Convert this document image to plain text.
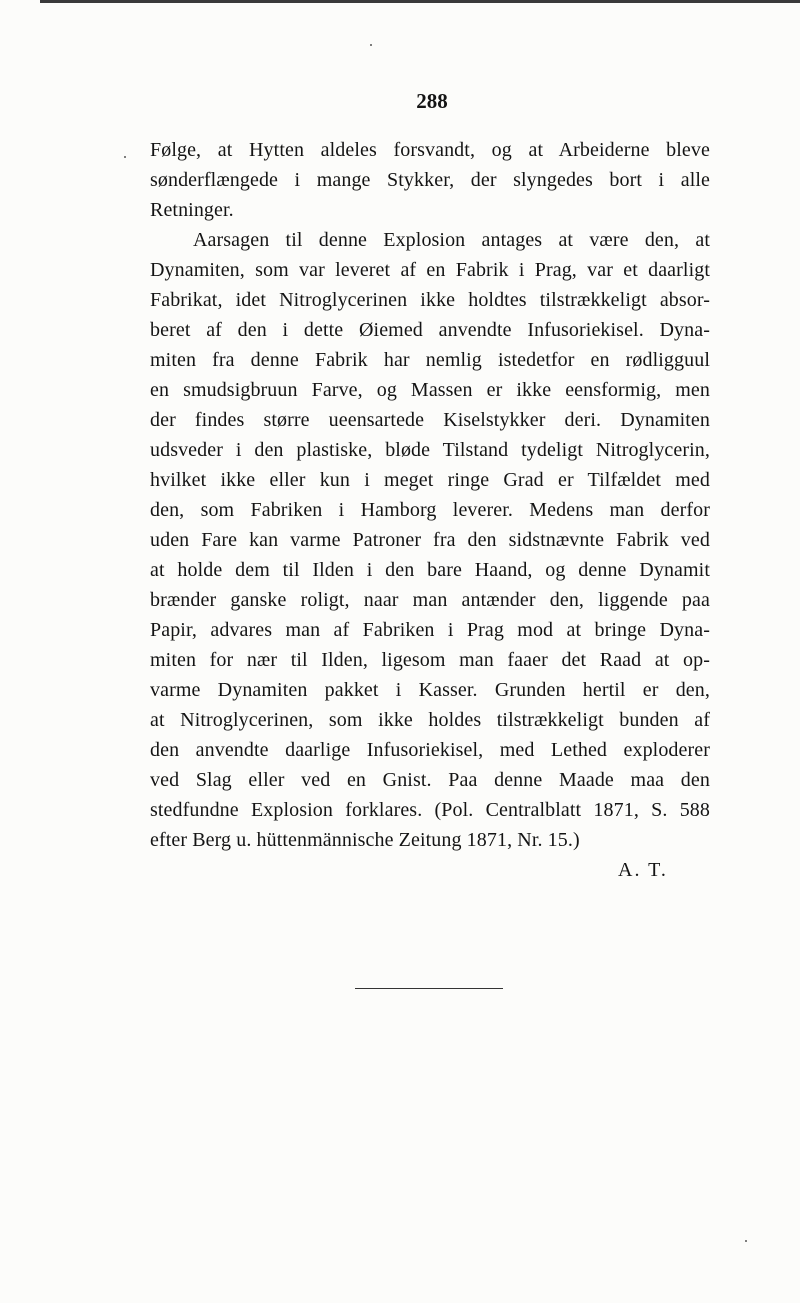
288
Følge, at Hytten aldeles forsvandt, og at Arbeiderne bleve
sønderflængede i mange Stykker, der slyngedes bort i alle
Retninger.
Aarsagen til denne Explosion antages at være den, at
Dynamiten, som var leveret af en Fabrik i Prag, var et daarligt
Fabrikat, idet Nitroglycerinen ikke holdtes tilstrækkeligt absor-
beret af den i dette Øiemed anvendte Infusoriekisel. Dyna-
miten fra denne Fabrik har nemlig istedetfor en rødligguul
en smudsigbruun Farve, og Massen er ikke eensformig, men
der findes større ueensartede Kiselstykker deri. Dynamiten
udsveder i den plastiske, bløde Tilstand tydeligt Nitroglycerin,
hvilket ikke eller kun i meget ringe Grad er Tilfældet med
den, som Fabriken i Hamborg leverer. Medens man derfor
uden Fare kan varme Patroner fra den sidstnævnte Fabrik ved
at holde dem til Ilden i den bare Haand, og denne Dynamit
brænder ganske roligt, naar man antænder den, liggende paa
Papir, advares man af Fabriken i Prag mod at bringe Dyna-
miten for nær til Ilden, ligesom man faaer det Raad at op-
varme Dynamiten pakket i Kasser. Grunden hertil er den,
at Nitroglycerinen, som ikke holdes tilstrækkeligt bunden af
den anvendte daarlige Infusoriekisel, med Lethed exploderer
ved Slag eller ved en Gnist. Paa denne Maade maa den
stedfundne Explosion forklares. (Pol. Centralblatt 1871, S. 588
efter Berg u. hüttenmännische Zeitung 1871, Nr. 15.)
A. T.
